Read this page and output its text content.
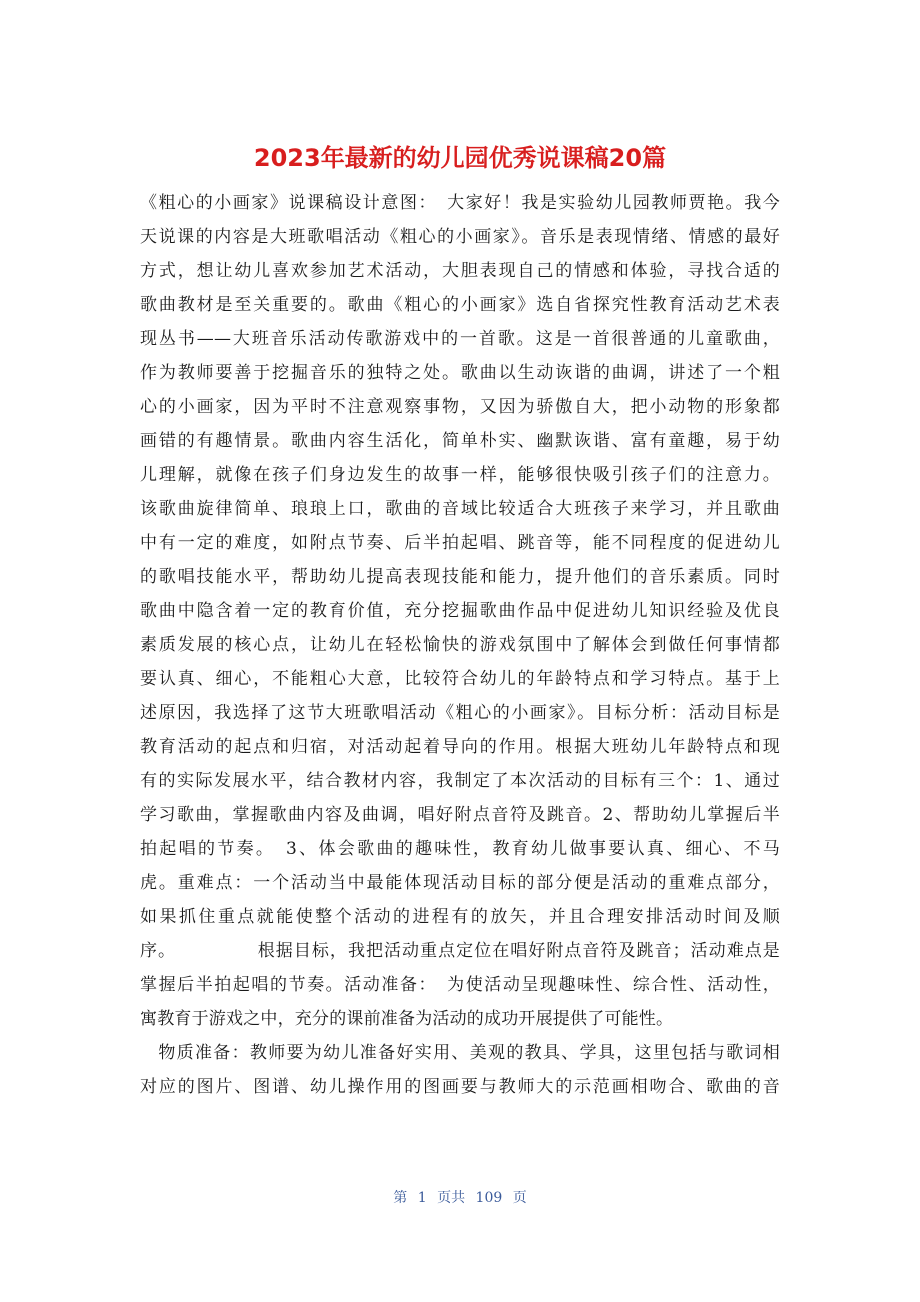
2023年最新的幼儿园优秀说课稿20篇
《粗心的小画家》说课稿设计意图：　大家好！我是实验幼儿园教师贾艳。我今
天说课的内容是大班歌唱活动《粗心的小画家》。音乐是表现情绪、情感的最好
方式，想让幼儿喜欢参加艺术活动，大胆表现自己的情感和体验，寻找合适的
歌曲教材是至关重要的。歌曲《粗心的小画家》选自省探究性教育活动艺术表
现丛书——大班音乐活动传歌游戏中的一首歌。这是一首很普通的儿童歌曲，
作为教师要善于挖掘音乐的独特之处。歌曲以生动诙谐的曲调，讲述了一个粗
心的小画家，因为平时不注意观察事物，又因为骄傲自大，把小动物的形象都
画错的有趣情景。歌曲内容生活化，简单朴实、幽默诙谐、富有童趣，易于幼
儿理解，就像在孩子们身边发生的故事一样，能够很快吸引孩子们的注意力。
该歌曲旋律简单、琅琅上口，歌曲的音域比较适合大班孩子来学习，并且歌曲
中有一定的难度，如附点节奏、后半拍起唱、跳音等，能不同程度的促进幼儿
的歌唱技能水平，帮助幼儿提高表现技能和能力，提升他们的音乐素质。同时
歌曲中隐含着一定的教育价值，充分挖掘歌曲作品中促进幼儿知识经验及优良
素质发展的核心点，让幼儿在轻松愉快的游戏氛围中了解体会到做任何事情都
要认真、细心，不能粗心大意，比较符合幼儿的年龄特点和学习特点。基于上
述原因，我选择了这节大班歌唱活动《粗心的小画家》。目标分析：活动目标是
教育活动的起点和归宿，对活动起着导向的作用。根据大班幼儿年龄特点和现
有的实际发展水平，结合教材内容，我制定了本次活动的目标有三个：1、通过
学习歌曲，掌握歌曲内容及曲调，唱好附点音符及跳音。2、帮助幼儿掌握后半
拍起唱的节奏。　3、体会歌曲的趣味性，教育幼儿做事要认真、细心、不马
虎。重难点：一个活动当中最能体现活动目标的部分便是活动的重难点部分，
如果抓住重点就能使整个活动的进程有的放矢，并且合理安排活动时间及顺
序。　　　　　根据目标，我把活动重点定位在唱好附点音符及跳音；活动难点是
掌握后半拍起唱的节奏。活动准备：　为使活动呈现趣味性、综合性、活动性，
寓教育于游戏之中，充分的课前准备为活动的成功开展提供了可能性。
　物质准备：教师要为幼儿准备好实用、美观的教具、学具，这里包括与歌词相
对应的图片、图谱、幼儿操作用的图画要与教师大的示范画相吻合、歌曲的音
第 1 页共 109 页
